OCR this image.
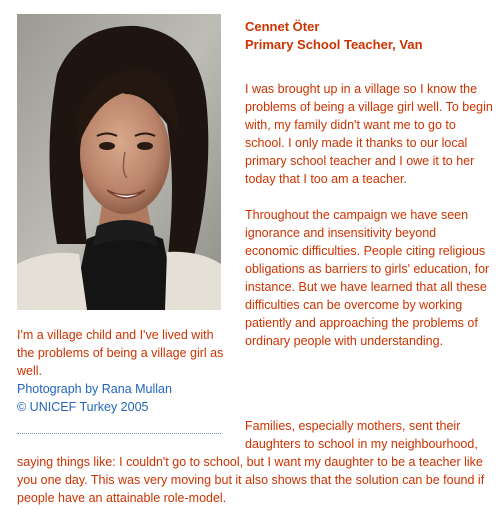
Cennet Öter
Primary School Teacher, Van

I was brought up in a village so I know the problems of being a village girl well. To begin with, my family didn't want me to go to school. I only made it thanks to our local primary school teacher and I owe it to her today that I too am a teacher.

Throughout the campaign we have seen ignorance and insensitivity beyond economic difficulties. People citing religious obligations as barriers to girls' education, for instance. But we have learned that all these difficulties can be overcome by working patiently and approaching the problems of ordinary people with understanding.

I'm a village child and I've lived with the problems of being a village girl as well.
Photograph by Rana Mullan
© UNICEF Turkey 2005
Families, especially mothers, sent their daughters to school in my neighbourhood,
saying things like: I couldn't go to school, but I want my daughter to be a teacher like you one day. This was very moving but it also shows that the solution can be found if people have an attainable role-model.
